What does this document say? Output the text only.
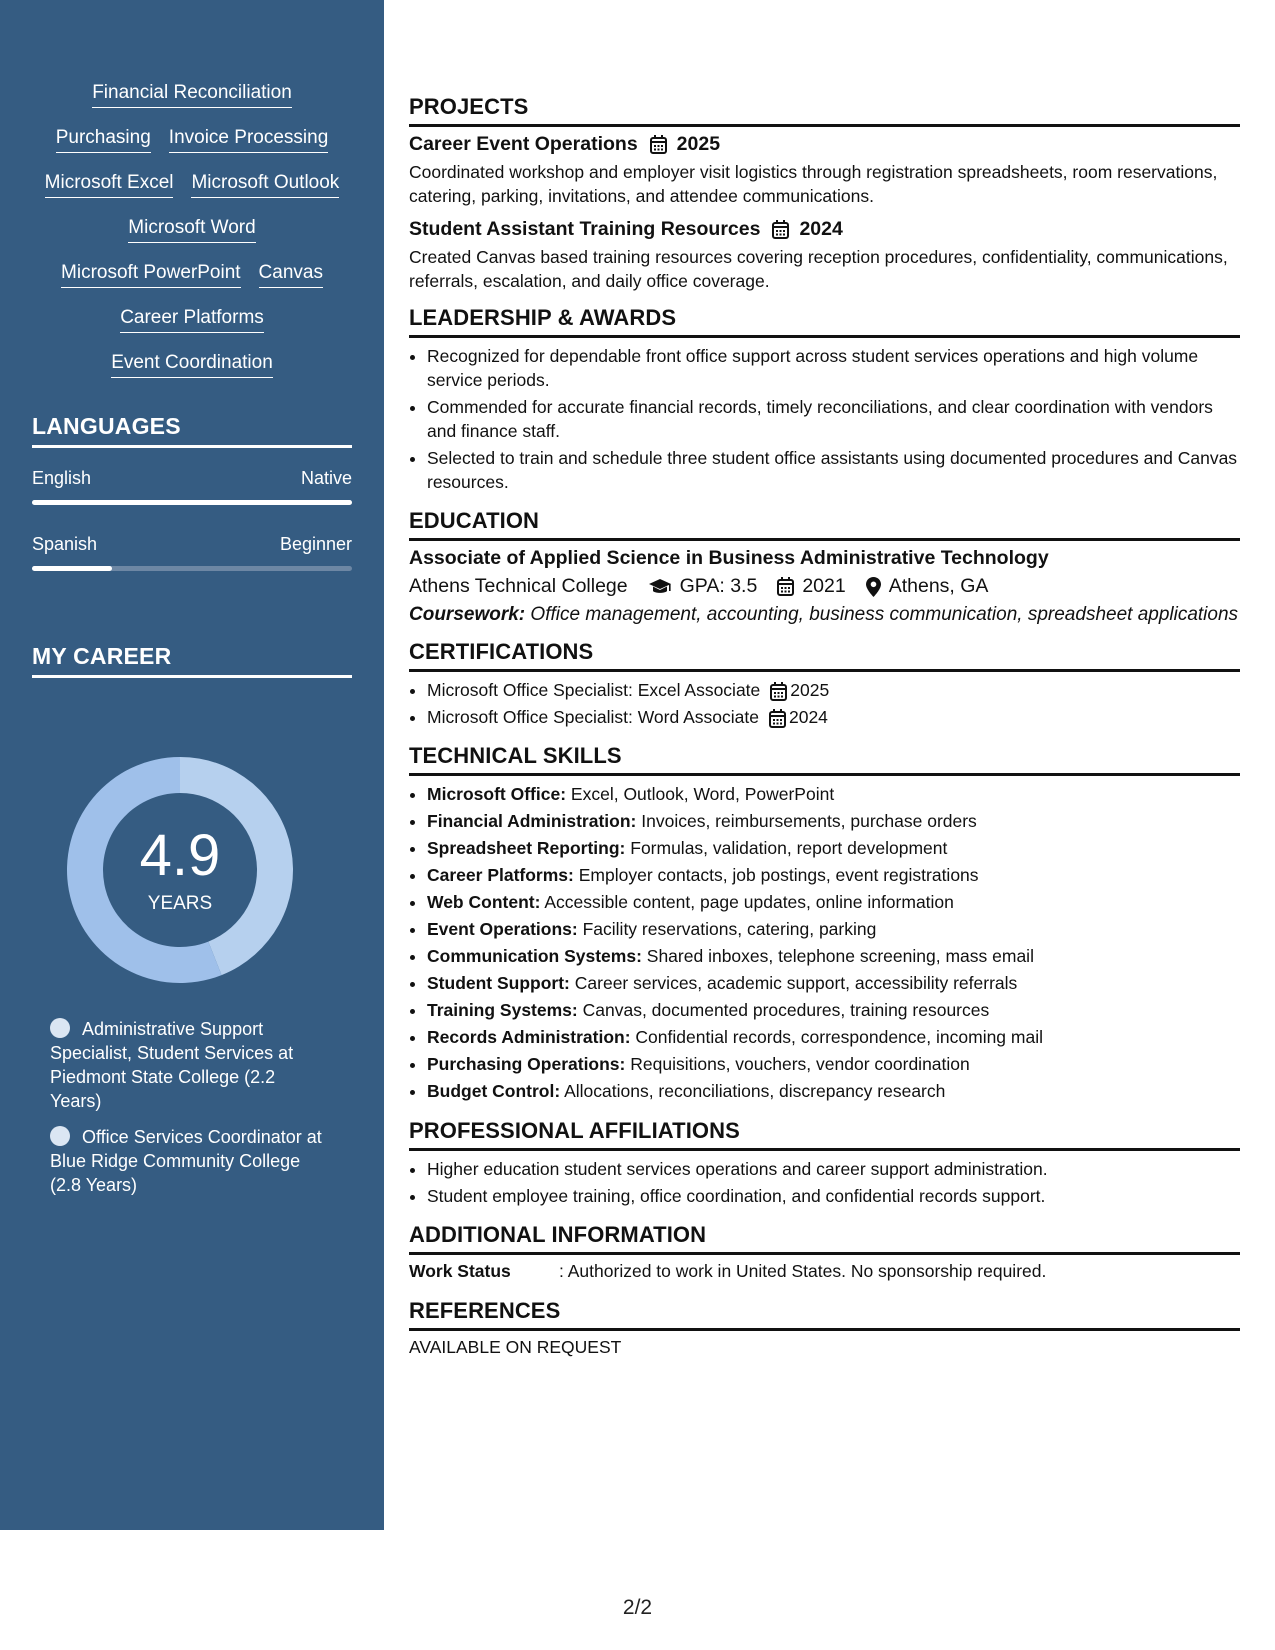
Financial Reconciliation
Purchasing Invoice Processing
Microsoft Excel Microsoft Outlook
Microsoft Word
Microsoft PowerPoint Canvas
Career Platforms
Event Coordination
LANGUAGES
English	Native
Spanish	Beginner
MY CAREER
4.9
YEARS
Administrative Support Specialist, Student Services at Piedmont State College (2.2 Years)
Office Services Coordinator at Blue Ridge Community College (2.8 Years)
PROJECTS
Career Event Operations 2025
Coordinated workshop and employer visit logistics through registration spreadsheets, room reservations, catering, parking, invitations, and attendee communications.
Student Assistant Training Resources 2024
Created Canvas based training resources covering reception procedures, confidentiality, communications, referrals, escalation, and daily office coverage.
LEADERSHIP & AWARDS
• Recognized for dependable front office support across student services operations and high volume service periods.
• Commended for accurate financial records, timely reconciliations, and clear coordination with vendors and finance staff.
• Selected to train and schedule three student office assistants using documented procedures and Canvas resources.
EDUCATION
Associate of Applied Science in Business Administrative Technology
Athens Technical College	GPA: 3.5 2021 Athens, GA
Coursework: Office management, accounting, business communication, spreadsheet applications
CERTIFICATIONS
• Microsoft Office Specialist: Excel Associate 2025
• Microsoft Office Specialist: Word Associate 2024
TECHNICAL SKILLS
• Microsoft Office: Excel, Outlook, Word, PowerPoint
• Financial Administration: Invoices, reimbursements, purchase orders
• Spreadsheet Reporting: Formulas, validation, report development
• Career Platforms: Employer contacts, job postings, event registrations
• Web Content: Accessible content, page updates, online information
• Event Operations: Facility reservations, catering, parking
• Communication Systems: Shared inboxes, telephone screening, mass email
• Student Support: Career services, academic support, accessibility referrals
• Training Systems: Canvas, documented procedures, training resources
• Records Administration: Confidential records, correspondence, incoming mail
• Purchasing Operations: Requisitions, vouchers, vendor coordination
• Budget Control: Allocations, reconciliations, discrepancy research
PROFESSIONAL AFFILIATIONS
• Higher education student services operations and career support administration.
• Student employee training, office coordination, and confidential records support.
ADDITIONAL INFORMATION
Work Status	: Authorized to work in United States. No sponsorship required.
REFERENCES
AVAILABLE ON REQUEST
2/2
